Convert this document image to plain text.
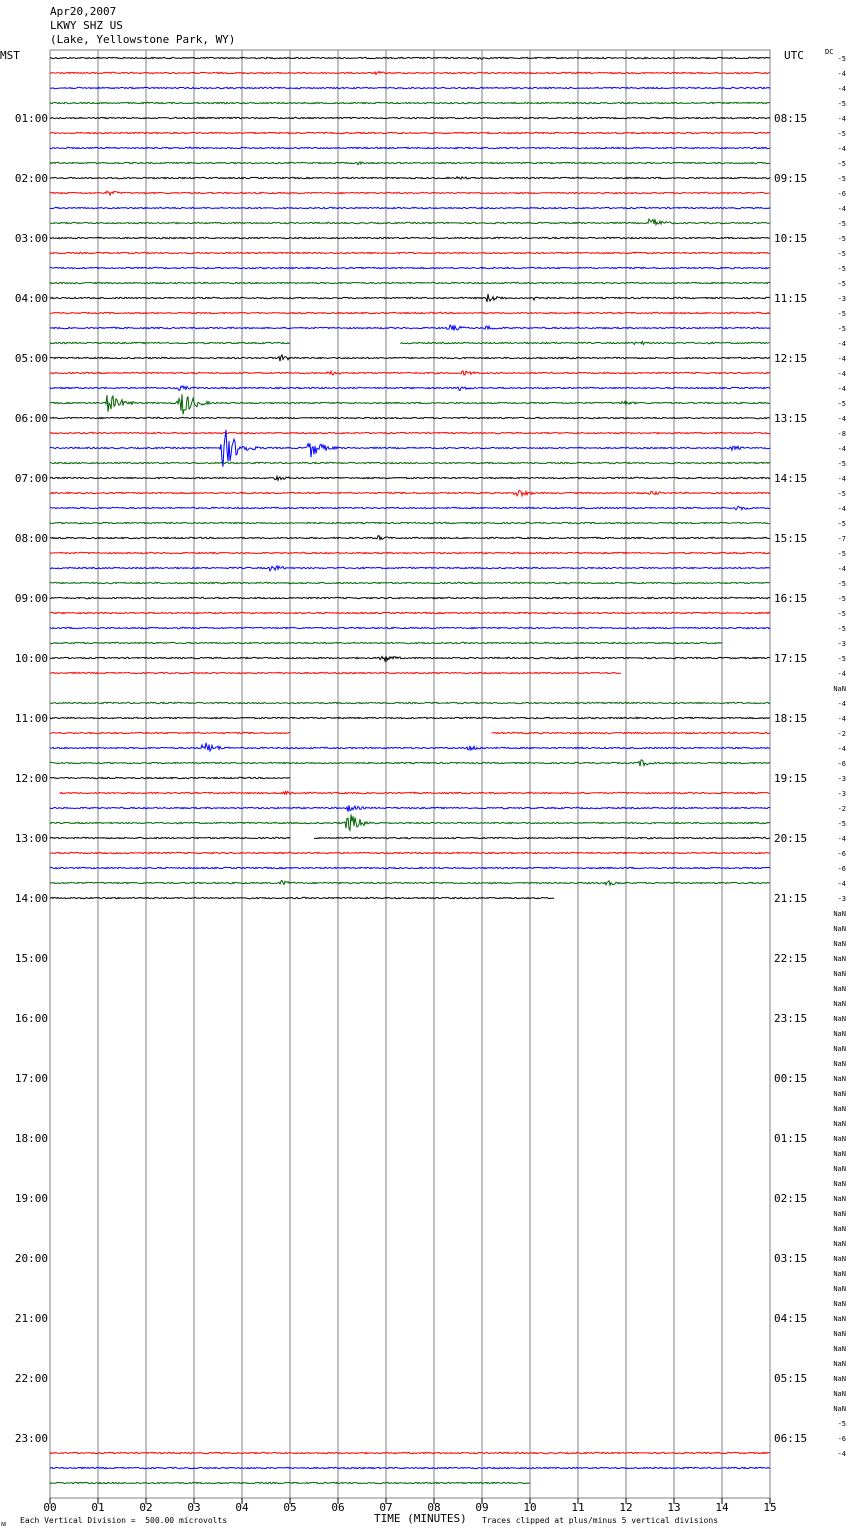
Apr20,2007
LKWY SHZ US
(Lake, Yellowstone Park, WY)
MST	UTC	DC
00	01	02	03	04	05	06	07	08	09	10	11	12	13	14	15
01:00
02:00
03:00
04:00
05:00
06:00
07:00
08:00
09:00
10:00
11:00
12:00
13:00
14:00
15:00
16:00
17:00
18:00
19:00
20:00
21:00
22:00
23:00
08:15
09:15
10:15
11:15
12:15
13:15
14:15
15:15
16:15
17:15
18:15
19:15
20:15
21:15
22:15
23:15
00:15
01:15
02:15
03:15
04:15
05:15
06:15
-5
-4
-4
-5
-4
-5
-4
-5
-5
-6
-4
-5
-5
-5
-5
-5
-3
-5
-5
-4
-4
-4
-4
-5
-4
-8
-4
-5
-4
-5
-4
-5
-7
-5
-4
-5
-5
-5
-5
-3
-5
-4
NaN
-4
-4
-2
-4
-6
-3
-3
-2
-5
-4
-6
-6
-4
-3
NaN
NaN
NaN
NaN
NaN
NaN
NaN
NaN
NaN
NaN
NaN
NaN
NaN
NaN
NaN
NaN
NaN
NaN
NaN
NaN
NaN
NaN
NaN
NaN
NaN
NaN
NaN
NaN
NaN
NaN
NaN
NaN
NaN
NaN
-5
-6
-4
ᴍ Each Vertical Division =  500.00 microvolts	TIME (MINUTES) Traces clipped at plus/minus 5 vertical divisions
